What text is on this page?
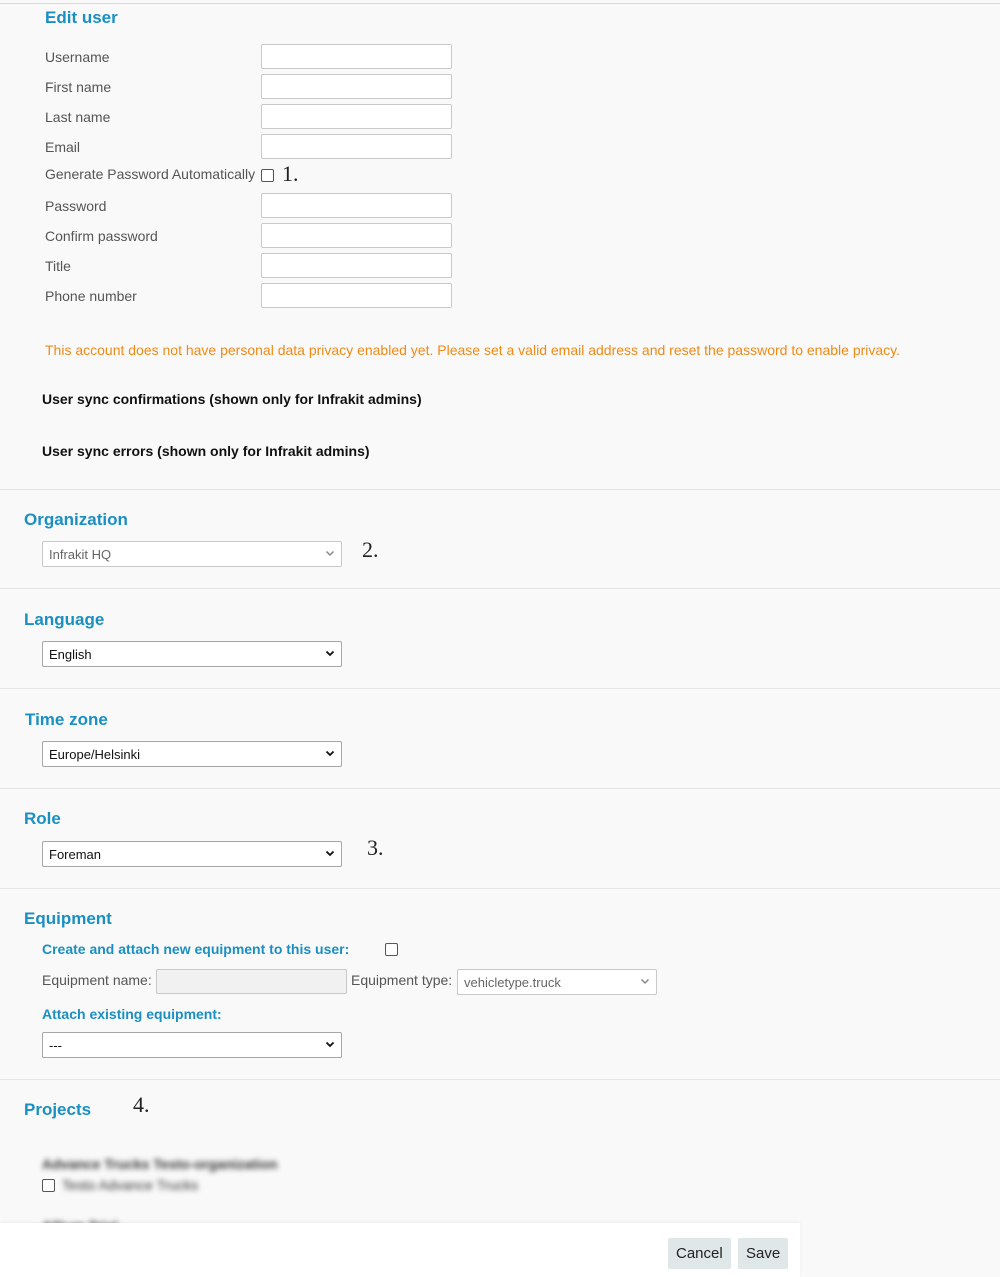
Edit user
Username
First name
Last name
Email
Generate Password Automatically 1.
Password
Confirm password
Title
Phone number
This account does not have personal data privacy enabled yet. Please set a valid email address and reset the password to enable privacy.
User sync confirmations (shown only for Infrakit admins)
User sync errors (shown only for Infrakit admins)
Organization
Infrakit HQ	2.
Language
English
Time zone
Europe/Helsinki
Role
Foreman	3.
Equipment
Create and attach new equipment to this user:
Equipment name:	Equipment type: vehicletype.truck
Attach existing equipment:
---
Projects 4.
Advance Trucks Testo-organization
Testo Advance Trucks
Cancel	Save
